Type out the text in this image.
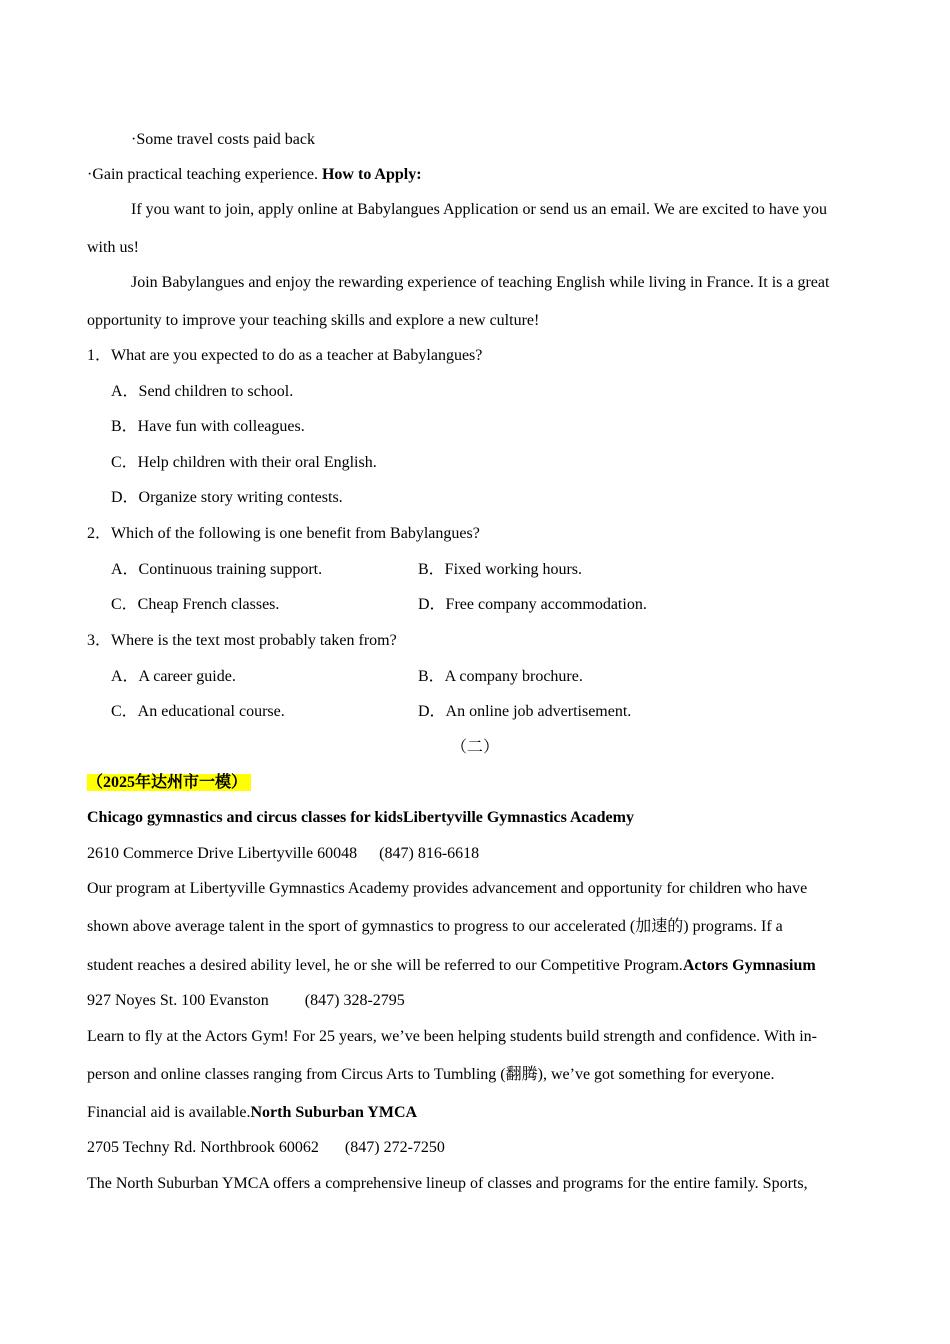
·Some travel costs paid back
·Gain practical teaching experience. How to Apply:
If you want to join, apply online at Babylangues Application or send us an email. We are excited to have you
with us!
Join Babylangues and enjoy the rewarding experience of teaching English while living in France. It is a great
opportunity to improve your teaching skills and explore a new culture!
1．What are you expected to do as a teacher at Babylangues?
A．Send children to school.
B．Have fun with colleagues.
C．Help children with their oral English.
D．Organize story writing contests.
2．Which of the following is one benefit from Babylangues?
A．Continuous training support.	B．Fixed working hours.
C．Cheap French classes.	D．Free company accommodation.
3．Where is the text most probably taken from?
A．A career guide.	B．A company brochure.
C．An educational course.	D．An online job advertisement.
（二）
（2025年达州市一模）
Chicago gymnastics and circus classes for kidsLibertyville Gymnastics Academy
2610 Commerce Drive Libertyville 60048 (847) 816-6618
Our program at Libertyville Gymnastics Academy provides advancement and opportunity for children who have
shown above average talent in the sport of gymnastics to progress to our accelerated (加速的) programs. If a
student reaches a desired ability level, he or she will be referred to our Competitive Program.Actors Gymnasium
927 Noyes St. 100 Evanston (847) 328-2795
Learn to fly at the Actors Gym! For 25 years, we’ve been helping students build strength and confidence. With in-
person and online classes ranging from Circus Arts to Tumbling (翻腾), we’ve got something for everyone.
Financial aid is available.North Suburban YMCA
2705 Techny Rd. Northbrook 60062 (847) 272-7250
The North Suburban YMCA offers a comprehensive lineup of classes and programs for the entire family. Sports,
